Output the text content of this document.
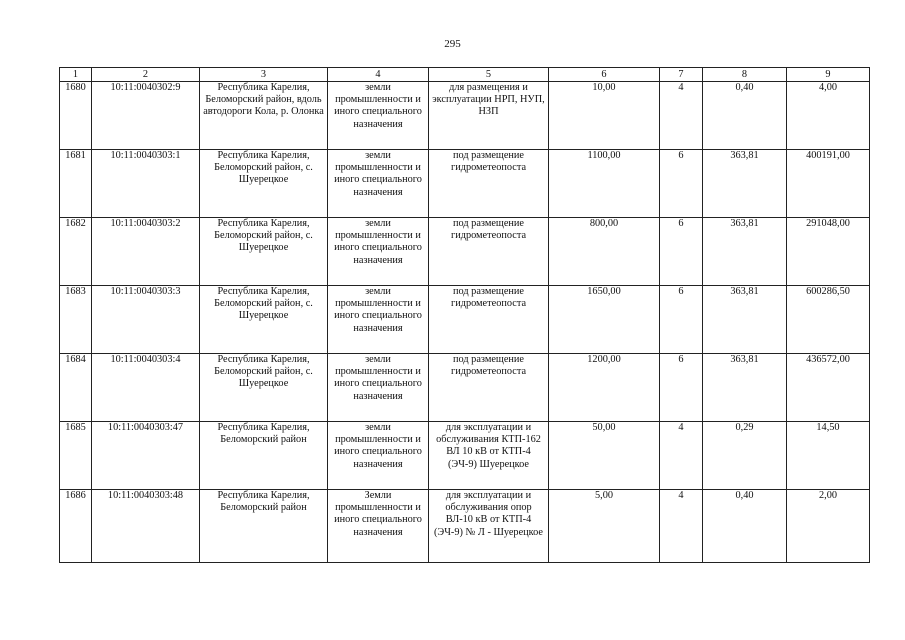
295
1	2	3	4	5	6	7	8	9
1680	10:11:0040302:9	Республика Карелия, Беломорский район, вдоль автодороги Кола, р. Олонка	земли промышленности и иного специального назначения	для размещения и эксплуатации НРП, НУП, НЗП	10,00	4	0,40	4,00
1681	10:11:0040303:1	Республика Карелия, Беломорский район, с. Шуерецкое	земли промышленности и иного специального назначения	под размещение гидрометеопоста	1100,00	6	363,81	400191,00
1682	10:11:0040303:2	Республика Карелия, Беломорский район, с. Шуерецкое	земли промышленности и иного специального назначения	под размещение гидрометеопоста	800,00	6	363,81	291048,00
1683	10:11:0040303:3	Республика Карелия, Беломорский район, с. Шуерецкое	земли промышленности и иного специального назначения	под размещение гидрометеопоста	1650,00	6	363,81	600286,50
1684	10:11:0040303:4	Республика Карелия, Беломорский район, с. Шуерецкое	земли промышленности и иного специального назначения	под размещение гидрометеопоста	1200,00	6	363,81	436572,00
1685	10:11:0040303:47	Республика Карелия, Беломорский район	земли промышленности и иного специального назначения	для эксплуатации и обслуживания КТП-162 ВЛ 10 кВ от КТП-4 (ЭЧ-9) Шуерецкое	50,00	4	0,29	14,50
1686	10:11:0040303:48	Республика Карелия, Беломорский район	Земли промышленности и иного специального назначения	для эксплуатации и обслуживания опор ВЛ-10 кВ от КТП-4 (ЭЧ-9) № Л - Шуерецкое	5,00	4	0,40	2,00
